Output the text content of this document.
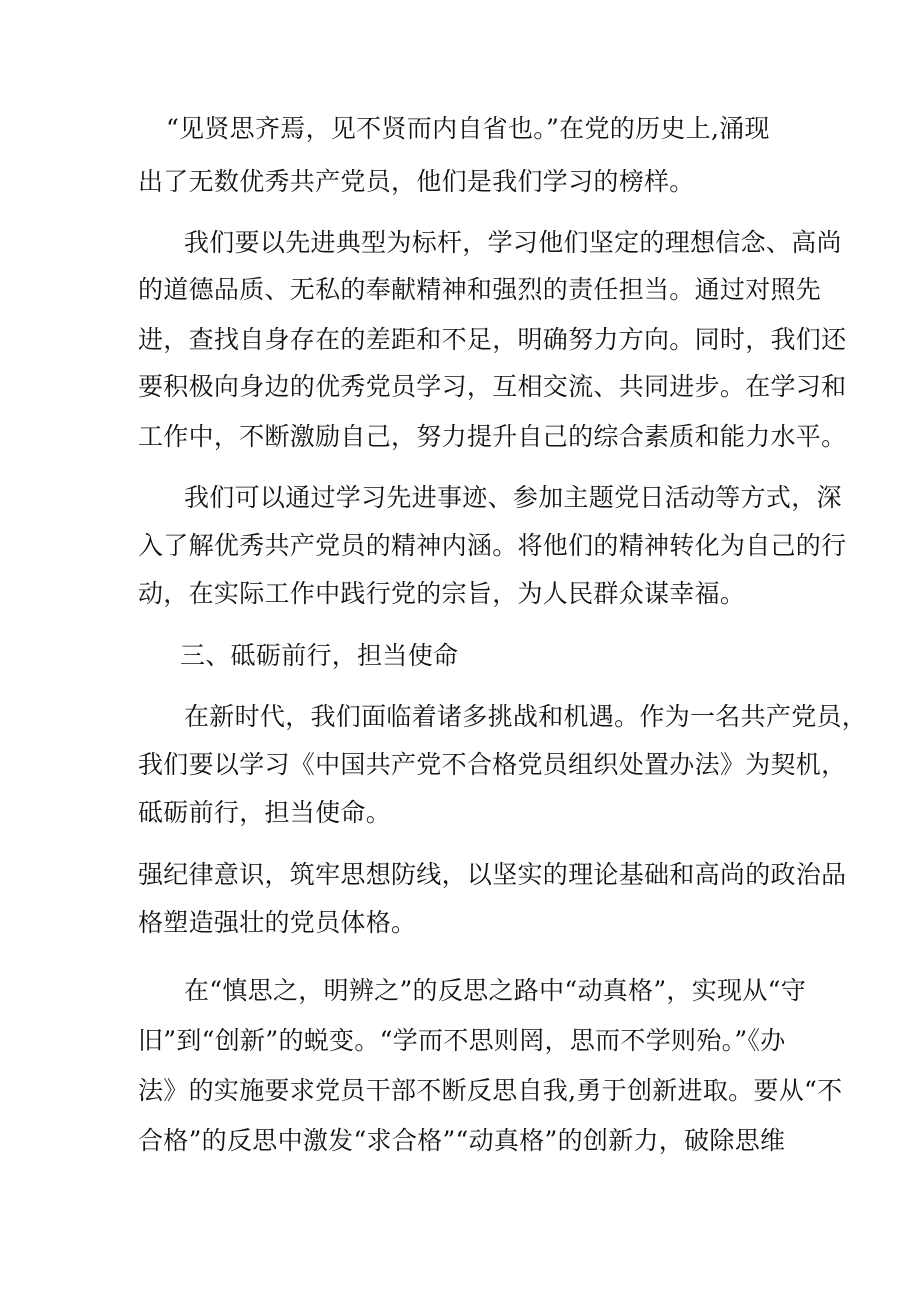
“见贤思齐焉，见不贤而内自省也。”在党的历史上,涌现
出了无数优秀共产党员，他们是我们学习的榜样。
我们要以先进典型为标杆，学习他们坚定的理想信念、高尚
的道德品质、无私的奉献精神和强烈的责任担当。通过对照先
进，查找自身存在的差距和不足，明确努力方向。同时，我们还
要积极向身边的优秀党员学习，互相交流、共同进步。在学习和
工作中，不断激励自己，努力提升自己的综合素质和能力水平。
我们可以通过学习先进事迹、参加主题党日活动等方式，深
入了解优秀共产党员的精神内涵。将他们的精神转化为自己的行
动，在实际工作中践行党的宗旨，为人民群众谋幸福。
三、砥砺前行，担当使命
在新时代，我们面临着诸多挑战和机遇。作为一名共产党员，
我们要以学习《中国共产党不合格党员组织处置办法》为契机，
砥砺前行，担当使命。
强纪律意识，筑牢思想防线，以坚实的理论基础和高尚的政治品
格塑造强壮的党员体格。
在“慎思之，明辨之”的反思之路中“动真格”，实现从“守
旧”到“创新”的蜕变。“学而不思则罔，思而不学则殆。”《办
法》的实施要求党员干部不断反思自我,勇于创新进取。要从“不
合格”的反思中激发“求合格”“动真格”的创新力，破除思维
